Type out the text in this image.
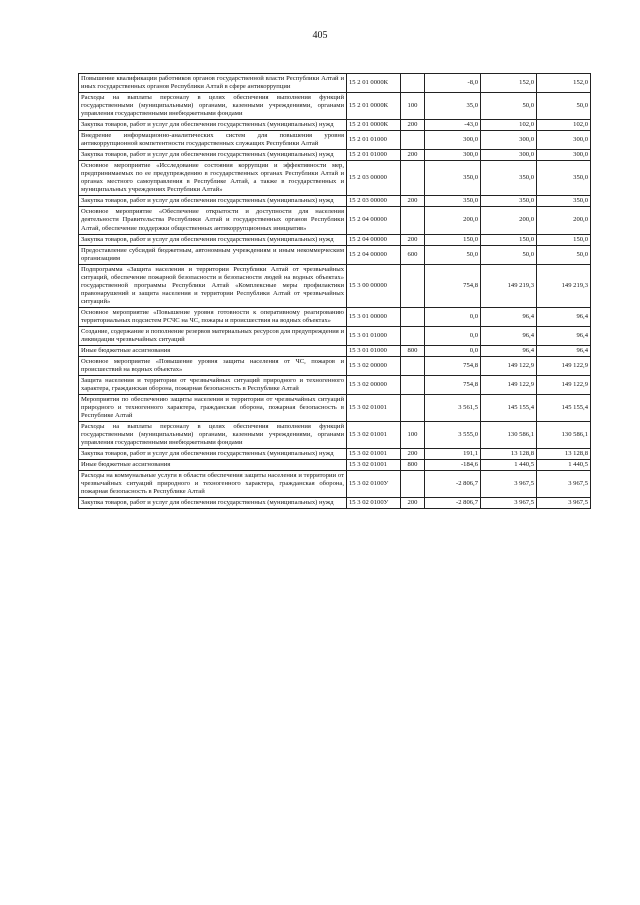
405
Повышение квалификации работников органов государственной власти Республики Алтай и иных государственных органов Республики Алтай в сфере антикоррупции	15 2 01 0000К		-8,0	152,0	152,0
Расходы на выплаты персоналу в целях обеспечения выполнения функций государственными (муниципальными) органами, казенными учреждениями, органами управления государственными внебюджетными фондами	15 2 01 0000К	100	35,0	50,0	50,0
Закупка товаров, работ и услуг для обеспечения государственных (муниципальных) нужд	15 2 01 0000К	200	-43,0	102,0	102,0
Внедрение информационно-аналитических систем для повышения уровня антикоррупционной компетентности государственных служащих Республики Алтай	15 2 01 01000		300,0	300,0	300,0
Закупка товаров, работ и услуг для обеспечения государственных (муниципальных) нужд	15 2 01 01000	200	300,0	300,0	300,0
Основное мероприятие «Исследование состояния коррупции и эффективности мер, предпринимаемых по ее предупреждению в государственных органах Республики Алтай и органах местного самоуправления в Республике Алтай, а также в государственных и муниципальных учреждениях Республики Алтай»	15 2 03 00000		350,0	350,0	350,0
Закупка товаров, работ и услуг для обеспечения государственных (муниципальных) нужд	15 2 03 00000	200	350,0	350,0	350,0
Основное мероприятие «Обеспечение открытости и доступности для населения деятельности Правительства Республики Алтай и государственных органов Республики Алтай, обеспечение поддержки общественных антикоррупционных инициатив»	15 2 04 00000		200,0	200,0	200,0
Закупка товаров, работ и услуг для обеспечения государственных (муниципальных) нужд	15 2 04 00000	200	150,0	150,0	150,0
Предоставление субсидий бюджетным, автономным учреждениям и иным некоммерческим организациям	15 2 04 00000	600	50,0	50,0	50,0
Подпрограмма «Защита населения и территории Республики Алтай от чрезвычайных ситуаций, обеспечение пожарной безопасности и безопасности людей на водных объектах» государственной программы Республики Алтай «Комплексные меры профилактики правонарушений и защита населения и территории Республики Алтай от чрезвычайных ситуаций»	15 3 00 00000		754,8	149 219,3	149 219,3
Основное мероприятие «Повышение уровня готовности к оперативному реагированию территориальных подсистем РСЧС на ЧС, пожары и происшествия на водных объектах»	15 3 01 00000		0,0	96,4	96,4
Создание, содержание и пополнение резервов материальных ресурсов для предупреждения и ликвидации чрезвычайных ситуаций	15 3 01 01000		0,0	96,4	96,4
Иные бюджетные ассигнования	15 3 01 01000	800	0,0	96,4	96,4
Основное мероприятие «Повышение уровня защиты населения от ЧС, пожаров и происшествий на водных объектах»	15 3 02 00000		754,8	149 122,9	149 122,9
Защита населения и территории от чрезвычайных ситуаций природного и техногенного характера, гражданская оборона, пожарная безопасность в Республике Алтай	15 3 02 00000		754,8	149 122,9	149 122,9
Мероприятия по обеспечению защиты населения и территории от чрезвычайных ситуаций природного и техногенного характера, гражданская оборона, пожарная безопасность в Республике Алтай	15 3 02 01001		3 561,5	145 155,4	145 155,4
Расходы на выплаты персоналу в целях обеспечения выполнения функций государственными (муниципальными) органами, казенными учреждениями, органами управления государственными внебюджетными фондами	15 3 02 01001	100	3 555,0	130 586,1	130 586,1
Закупка товаров, работ и услуг для обеспечения государственных (муниципальных) нужд	15 3 02 01001	200	191,1	13 128,8	13 128,8
Иные бюджетные ассигнования	15 3 02 01001	800	-184,6	1 440,5	1 440,5
Расходы на коммунальные услуги в области обеспечения защиты населения и территории от чрезвычайных ситуаций природного и техногенного характера, гражданская оборона, пожарная безопасность в Республике Алтай	15 3 02 0100У		-2 806,7	3 967,5	3 967,5
Закупка товаров, работ и услуг для обеспечения государственных (муниципальных) нужд	15 3 02 0100У	200	-2 806,7	3 967,5	3 967,5
